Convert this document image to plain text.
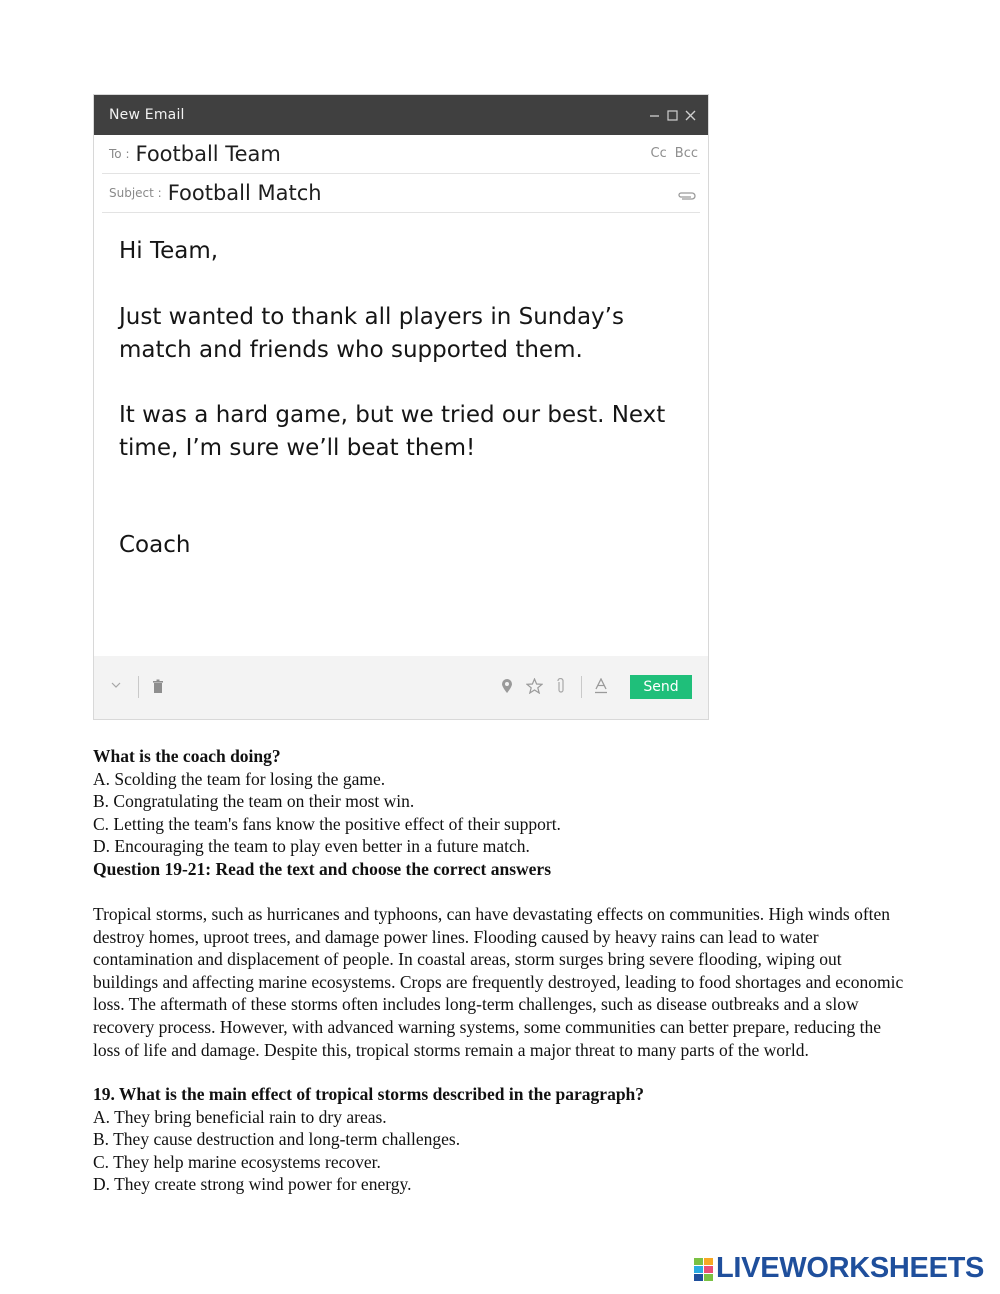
New Email
To : Football Team	Cc Bcc
Subject : Football Match

Hi Team,

Just wanted to thank all players in Sunday’s match and friends who supported them.

It was a hard game, but we tried our best. Next time, I’m sure we’ll beat them!

Coach

Send

What is the coach doing?

A. Scolding the team for losing the game.

B. Congratulating the team on their most win.

C. Letting the team's fans know the positive effect of their support.

D. Encouraging the team to play even better in a future match.

Question 19-21: Read the text and choose the correct answers

Tropical storms, such as hurricanes and typhoons, can have devastating effects on communities. High winds often destroy homes, uproot trees, and damage power lines. Flooding caused by heavy rains can lead to water contamination and displacement of people. In coastal areas, storm surges bring severe flooding, wiping out buildings and affecting marine ecosystems. Crops are frequently destroyed, leading to food shortages and economic loss. The aftermath of these storms often includes long-term challenges, such as disease outbreaks and a slow recovery process. However, with advanced warning systems, some communities can better prepare, reducing the loss of life and damage. Despite this, tropical storms remain a major threat to many parts of the world.

19. What is the main effect of tropical storms described in the paragraph?

A. They bring beneficial rain to dry areas.

B. They cause destruction and long-term challenges.

C. They help marine ecosystems recover.

D. They create strong wind power for energy.

LIVEWORKSHEETS
